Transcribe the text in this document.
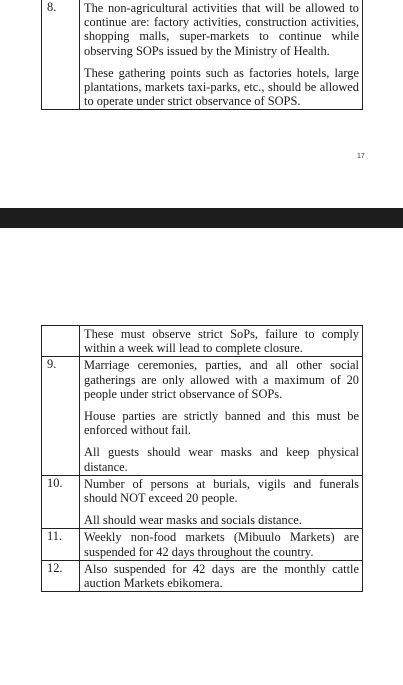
8.	The non-agricultural activities that will be allowed to continue are: factory activities, construction activities, shopping malls, super-markets to continue while observing SOPs issued by the Ministry of Health.

These gathering points such as factories hotels, large plantations, markets taxi-parks, etc., should be allowed to operate under strict observance of SOPS.

17

	These must observe strict SoPs, failure to comply within a week will lead to complete closure.

9.	Marriage ceremonies, parties, and all other social gatherings are only allowed with a maximum of 20 people under strict observance of SOPs.

House parties are strictly banned and this must be enforced without fail.

All guests should wear masks and keep physical distance.

10.	Number of persons at burials, vigils and funerals should NOT exceed 20 people.

All should wear masks and socials distance.

11.	Weekly non-food markets (Mibuulo Markets) are suspended for 42 days throughout the country.

12.	Also suspended for 42 days are the monthly cattle auction Markets ebikomera.
